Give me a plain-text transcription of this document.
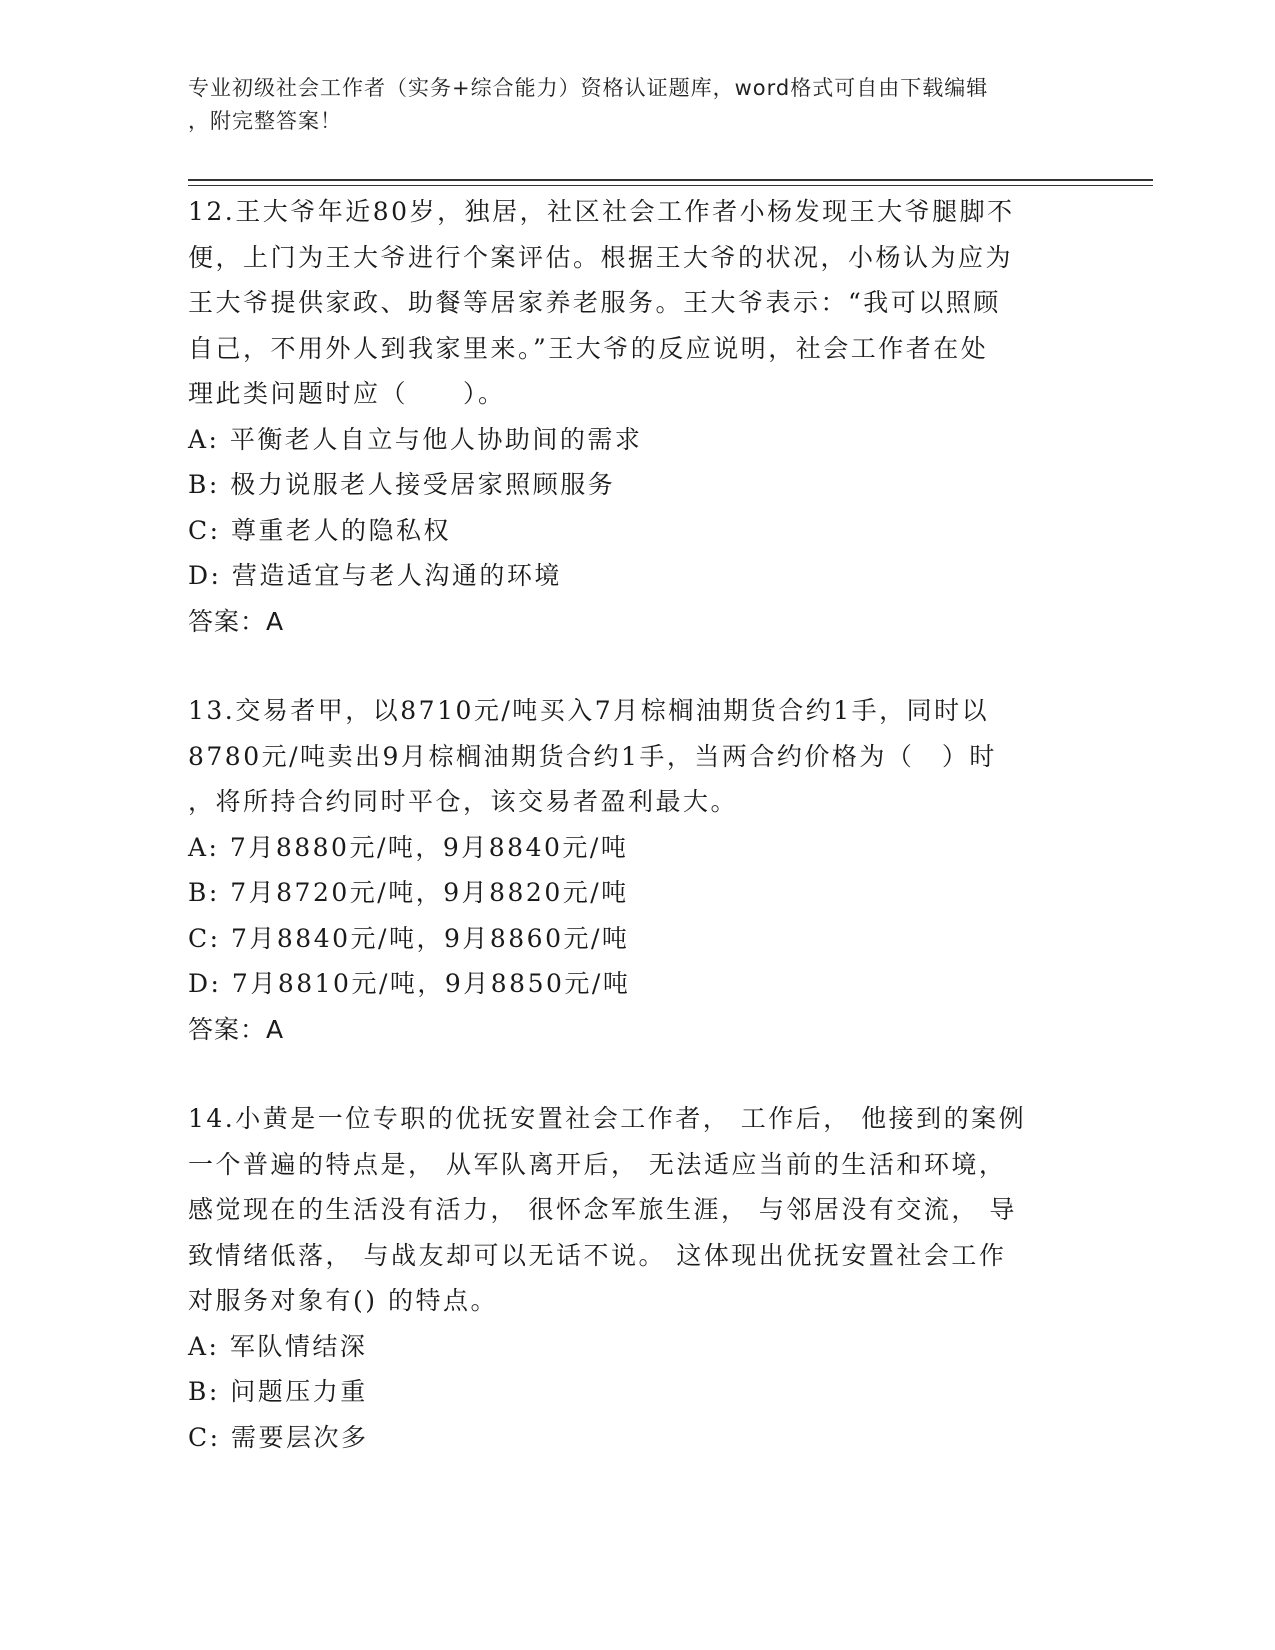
专业初级社会工作者（实务+综合能力）资格认证题库，word格式可自由下载编辑
，附完整答案！

12.王大爷年近80岁，独居，社区社会工作者小杨发现王大爷腿脚不

便，上门为王大爷进行个案评估。根据王大爷的状况，小杨认为应为

王大爷提供家政、助餐等居家养老服务。王大爷表示：“我可以照顾

自己，不用外人到我家里来。”王大爷的反应说明，社会工作者在处

理此类问题时应（　　）。

A: 平衡老人自立与他人协助间的需求

B: 极力说服老人接受居家照顾服务

C: 尊重老人的隐私权

D: 营造适宜与老人沟通的环境

答案：A

13.交易者甲，以8710元/吨买入7月棕榈油期货合约1手，同时以

8780元/吨卖出9月棕榈油期货合约1手，当两合约价格为（　）时

，将所持合约同时平仓，该交易者盈利最大。

A: 7月8880元/吨，9月8840元/吨

B: 7月8720元/吨，9月8820元/吨

C: 7月8840元/吨，9月8860元/吨

D: 7月8810元/吨，9月8850元/吨

答案：A

14.小黄是一位专职的优抚安置社会工作者， 工作后， 他接到的案例

一个普遍的特点是， 从军队离开后， 无法适应当前的生活和环境，

感觉现在的生活没有活力， 很怀念军旅生涯， 与邻居没有交流， 导

致情绪低落， 与战友却可以无话不说。 这体现出优抚安置社会工作

对服务对象有() 的特点。

A: 军队情结深

B: 问题压力重

C: 需要层次多
